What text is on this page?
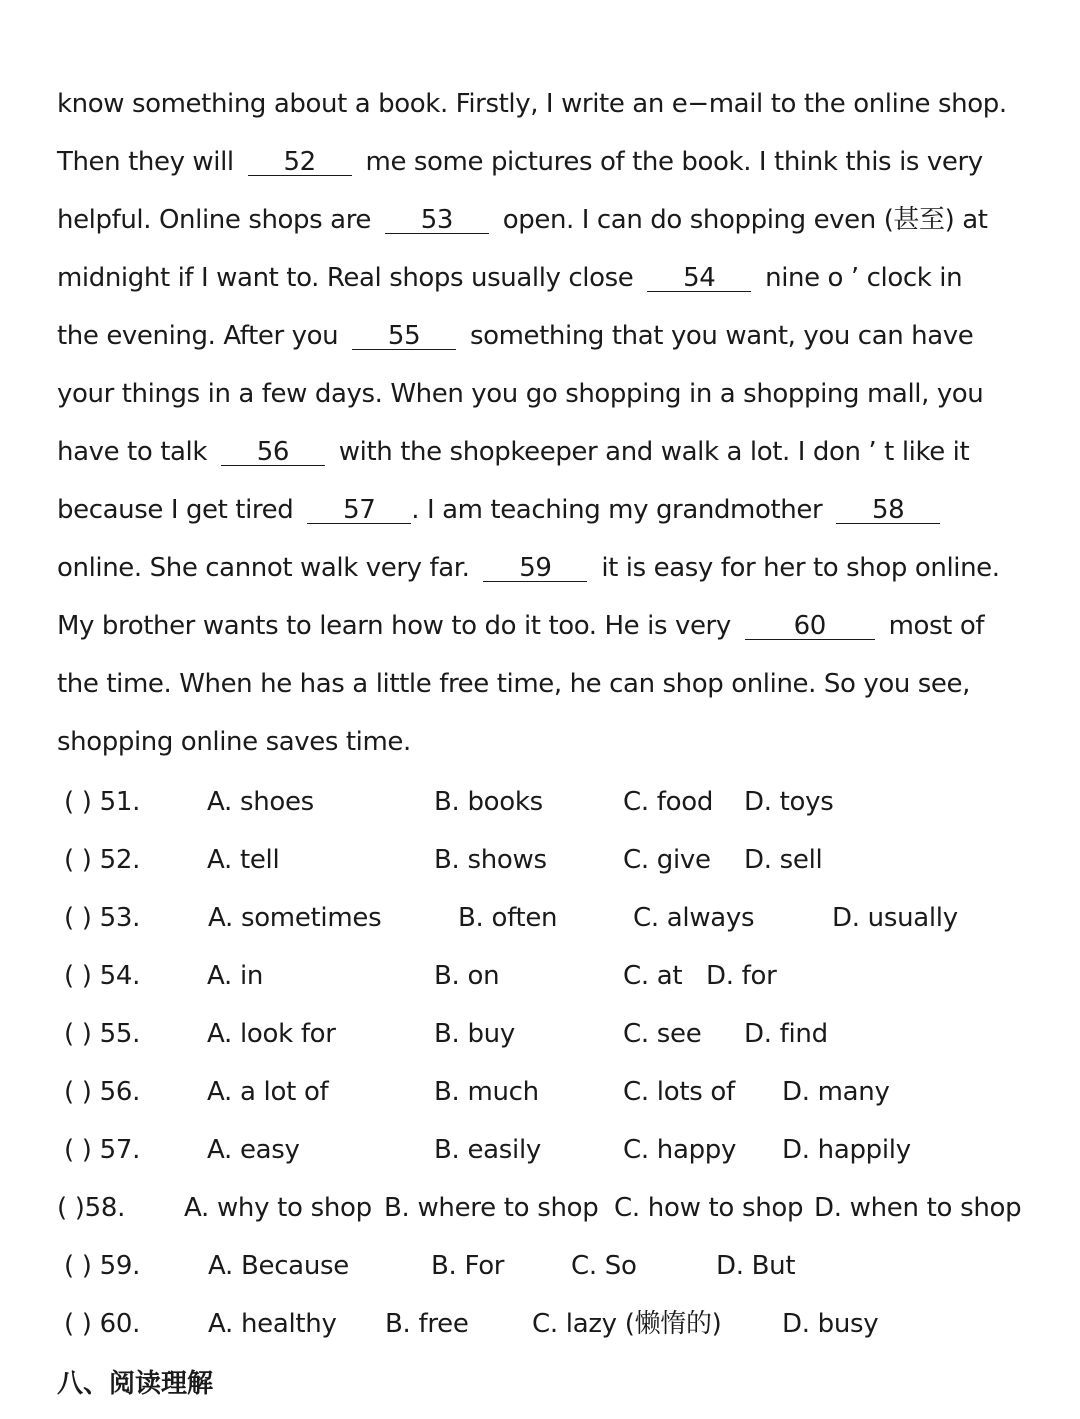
know something about a book. Firstly, I write an e−mail to the online shop.
Then they will 52 me some pictures of the book. I think this is very
helpful. Online shops are 53 open. I can do shopping even (甚至) at
midnight if I want to. Real shops usually close 54 nine o ’ clock in
the evening. After you 55 something that you want, you can have
your things in a few days. When you go shopping in a shopping mall, you
have to talk 56 with the shopkeeper and walk a lot. I don ’ t like it
because I get tired 57 . I am teaching my grandmother 58
online. She cannot walk very far. 59 it is easy for her to shop online.
My brother wants to learn how to do it too. He is very 60 most of
the time. When he has a little free time, he can shop online. So you see,
shopping online saves time.
( ) 51.	A. shoes	B. books	C. food D. toys
( ) 52.	A. tell	B. shows	C. give D. sell
( ) 53.	A. sometimes	B. often	C. always	D. usually
( ) 54.	A. in	B. on	C. at D. for
( ) 55.	A. look for	B. buy	C. see D. find
( ) 56.	A. a lot of	B. much	C. lots of D. many
( ) 57.	A. easy	B. easily	C. happy D. happily
( )58. A. why to shop B. where to shop C. how to shop D. when to shop
( ) 59.	A. Because	B. For	C. So	D. But
( ) 60.	A. healthy B. free C. lazy (懒惰的) D. busy
八、阅读理解
